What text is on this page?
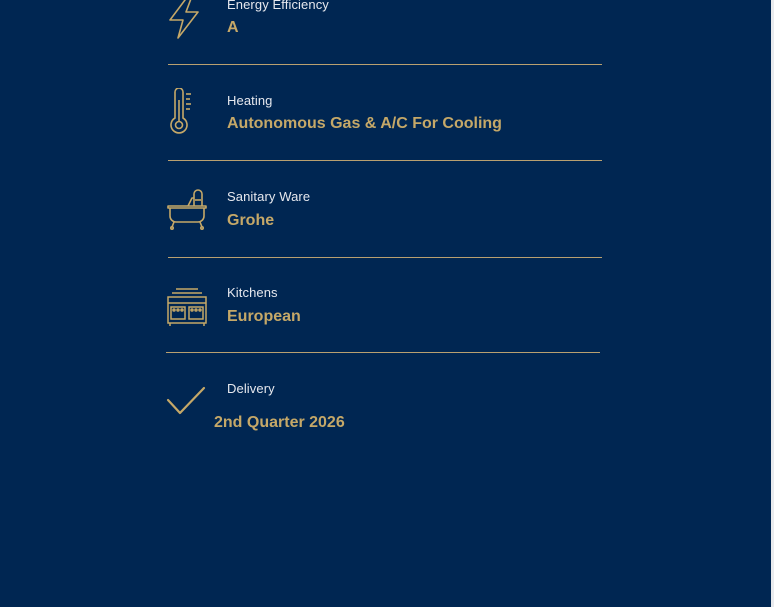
Energy Efficiency
A
Heating
Autonomous Gas & A/C For Cooling
Sanitary Ware
Grohe
Kitchens
European
Delivery
2nd Quarter 2026
